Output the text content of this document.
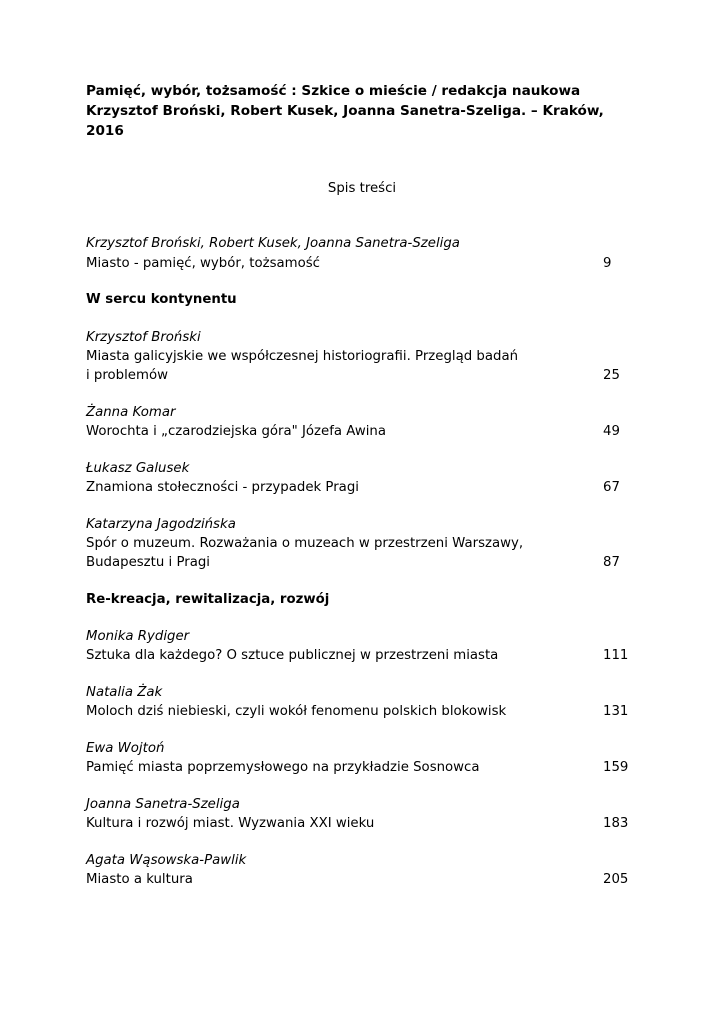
Pamięć, wybór, tożsamość : Szkice o mieście / redakcja naukowa
Krzysztof Broński, Robert Kusek, Joanna Sanetra-Szeliga. – Kraków,
2016
Spis treści
Krzysztof Broński, Robert Kusek, Joanna Sanetra-Szeliga
Miasto - pamięć, wybór, tożsamość	9
W sercu kontynentu
Krzysztof Broński
Miasta galicyjskie we współczesnej historiografii. Przegląd badań
i problemów	25
Żanna Komar
Worochta i „czarodziejska góra" Józefa Awina	49
Łukasz Galusek
Znamiona stołeczności - przypadek Pragi	67
Katarzyna Jagodzińska
Spór o muzeum. Rozważania o muzeach w przestrzeni Warszawy,
Budapesztu i Pragi	87
Re-kreacja, rewitalizacja, rozwój
Monika Rydiger
Sztuka dla każdego? O sztuce publicznej w przestrzeni miasta	111
Natalia Żak
Moloch dziś niebieski, czyli wokół fenomenu polskich blokowisk	131
Ewa Wojtoń
Pamięć miasta poprzemysłowego na przykładzie Sosnowca	159
Joanna Sanetra-Szeliga
Kultura i rozwój miast. Wyzwania XXI wieku	183
Agata Wąsowska-Pawlik
Miasto a kultura	205
